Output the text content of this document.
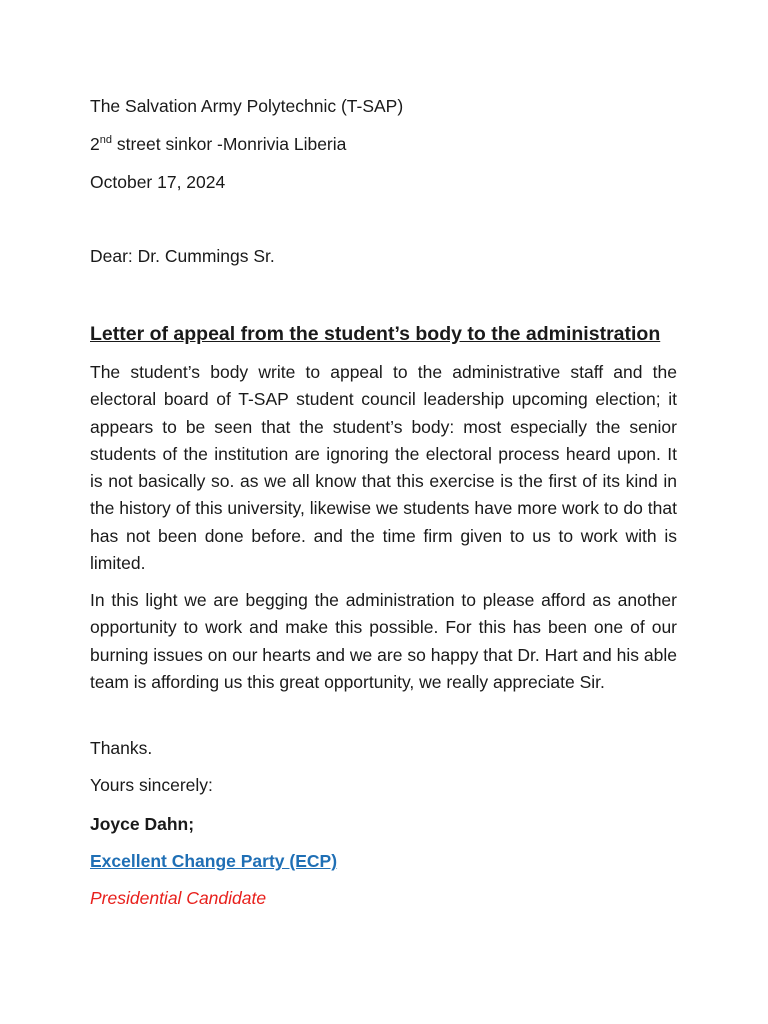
The Salvation Army Polytechnic (T-SAP)
2nd street sinkor -Monrivia Liberia
October 17, 2024
Dear: Dr. Cummings Sr.
Letter of appeal from the student’s body to the administration
The student’s body write to appeal to the administrative staff and the electoral board of T-SAP student council leadership upcoming election; it appears to be seen that the student’s body: most especially the senior students of the institution are ignoring the electoral process heard upon. It is not basically so. as we all know that this exercise is the first of its kind in the history of this university, likewise we students have more work to do that has not been done before. and the time firm given to us to work with is limited.
In this light we are begging the administration to please afford as another opportunity to work and make this possible. For this has been one of our burning issues on our hearts and we are so happy that Dr. Hart and his able team is affording us this great opportunity, we really appreciate Sir.
Thanks.
Yours sincerely:
Joyce Dahn;
Excellent Change Party (ECP)
Presidential Candidate
